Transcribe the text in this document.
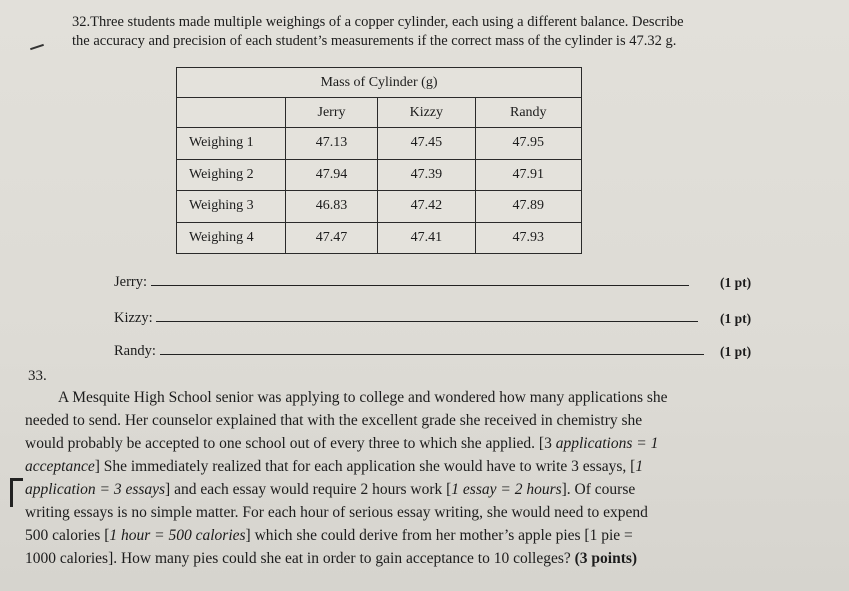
32.Three students made multiple weighings of a copper cylinder, each using a different balance. Describe
the accuracy and precision of each student’s measurements if the correct mass of the cylinder is 47.32 g.
Mass of Cylinder (g)			
	Jerry	Kizzy	Randy
Weighing 1	47.13	47.45	47.95
Weighing 2	47.94	47.39	47.91
Weighing 3	46.83	47.42	47.89
Weighing 4	47.47	47.41	47.93
Jerry:	(1 pt)
Kizzy:	(1 pt)
Randy:	(1 pt)
33.
A Mesquite High School senior was applying to college and wondered how many applications she
needed to send. Her counselor explained that with the excellent grade she received in chemistry she
would probably be accepted to one school out of every three to which she applied. [3 applications = 1
acceptance] She immediately realized that for each application she would have to write 3 essays, [1
application = 3 essays] and each essay would require 2 hours work [1 essay = 2 hours]. Of course
writing essays is no simple matter. For each hour of serious essay writing, she would need to expend
500 calories [1 hour = 500 calories] which she could derive from her mother’s apple pies [1 pie =
1000 calories]. How many pies could she eat in order to gain acceptance to 10 colleges? (3 points)
